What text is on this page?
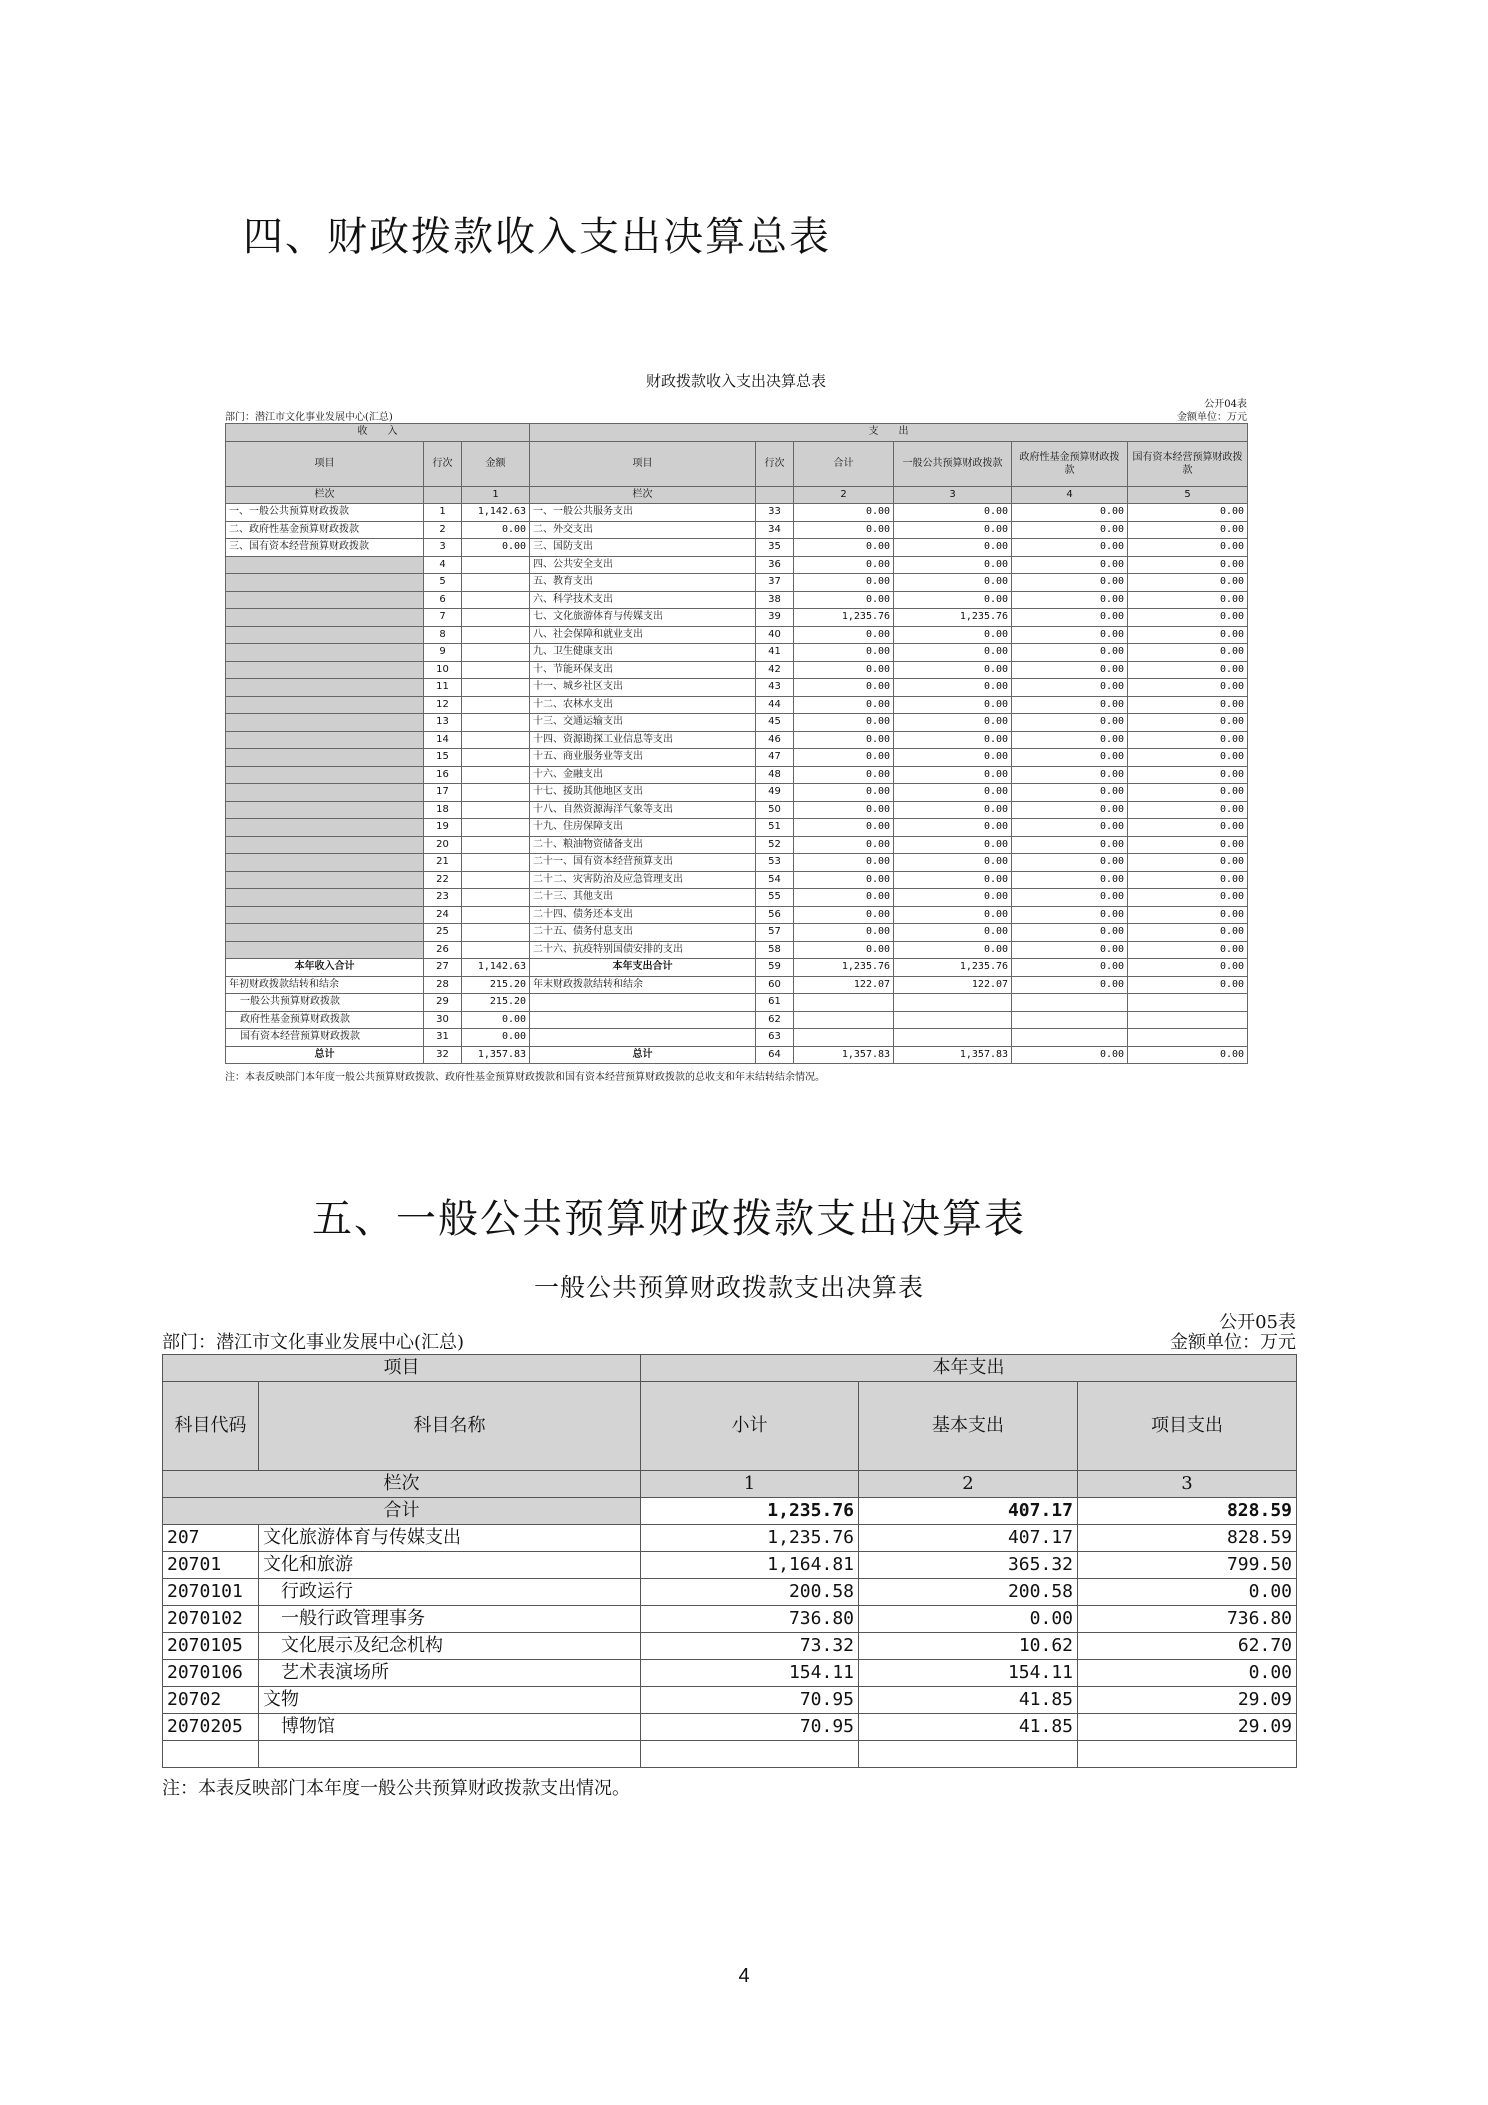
四、财政拨款收入支出决算总表
财政拨款收入支出决算总表
部门：潜江市文化事业发展中心(汇总)
公开04表
金额单位：万元
收　　入			支　　出					
项目	行次	金额	项目	行次	合计	一般公共预算财政拨款	政府性基金预算财政拨款	国有资本经营预算财政拨款
栏次		1	栏次		2	3	4	5
一、一般公共预算财政拨款	1	1,142.63	一、一般公共服务支出	33	0.00	0.00	0.00	0.00
二、政府性基金预算财政拨款	2	0.00	二、外交支出	34	0.00	0.00	0.00	0.00
三、国有资本经营预算财政拨款	3	0.00	三、国防支出	35	0.00	0.00	0.00	0.00
	4		四、公共安全支出	36	0.00	0.00	0.00	0.00
	5		五、教育支出	37	0.00	0.00	0.00	0.00
	6		六、科学技术支出	38	0.00	0.00	0.00	0.00
	7		七、文化旅游体育与传媒支出	39	1,235.76	1,235.76	0.00	0.00
	8		八、社会保障和就业支出	40	0.00	0.00	0.00	0.00
	9		九、卫生健康支出	41	0.00	0.00	0.00	0.00
	10		十、节能环保支出	42	0.00	0.00	0.00	0.00
	11		十一、城乡社区支出	43	0.00	0.00	0.00	0.00
	12		十二、农林水支出	44	0.00	0.00	0.00	0.00
	13		十三、交通运输支出	45	0.00	0.00	0.00	0.00
	14		十四、资源勘探工业信息等支出	46	0.00	0.00	0.00	0.00
	15		十五、商业服务业等支出	47	0.00	0.00	0.00	0.00
	16		十六、金融支出	48	0.00	0.00	0.00	0.00
	17		十七、援助其他地区支出	49	0.00	0.00	0.00	0.00
	18		十八、自然资源海洋气象等支出	50	0.00	0.00	0.00	0.00
	19		十九、住房保障支出	51	0.00	0.00	0.00	0.00
	20		二十、粮油物资储备支出	52	0.00	0.00	0.00	0.00
	21		二十一、国有资本经营预算支出	53	0.00	0.00	0.00	0.00
	22		二十二、灾害防治及应急管理支出	54	0.00	0.00	0.00	0.00
	23		二十三、其他支出	55	0.00	0.00	0.00	0.00
	24		二十四、债务还本支出	56	0.00	0.00	0.00	0.00
	25		二十五、债务付息支出	57	0.00	0.00	0.00	0.00
	26		二十六、抗疫特别国债安排的支出	58	0.00	0.00	0.00	0.00
本年收入合计	27	1,142.63	本年支出合计	59	1,235.76	1,235.76	0.00	0.00
年初财政拨款结转和结余	28	215.20	年末财政拨款结转和结余	60	122.07	122.07	0.00	0.00
一般公共预算财政拨款	29	215.20		61				
政府性基金预算财政拨款	30	0.00		62				
国有资本经营预算财政拨款	31	0.00		63				
总计	32	1,357.83	总计	64	1,357.83	1,357.83	0.00	0.00
注：本表反映部门本年度一般公共预算财政拨款、政府性基金预算财政拨款和国有资本经营预算财政拨款的总收支和年末结转结余情况。
五、一般公共预算财政拨款支出决算表
一般公共预算财政拨款支出决算表
部门：潜江市文化事业发展中心(汇总)
公开05表
金额单位：万元
项目		本年支出		
科目代码	科目名称	小计	基本支出	项目支出
栏次		1	2	3
合计		1,235.76	407.17	828.59
207	文化旅游体育与传媒支出	1,235.76	407.17	828.59
20701	文化和旅游	1,164.81	365.32	799.50
2070101	　行政运行	200.58	200.58	0.00
2070102	　一般行政管理事务	736.80	0.00	736.80
2070105	　文化展示及纪念机构	73.32	10.62	62.70
2070106	　艺术表演场所	154.11	154.11	0.00
20702	文物	70.95	41.85	29.09
2070205	　博物馆	70.95	41.85	29.09

注：本表反映部门本年度一般公共预算财政拨款支出情况。
4
